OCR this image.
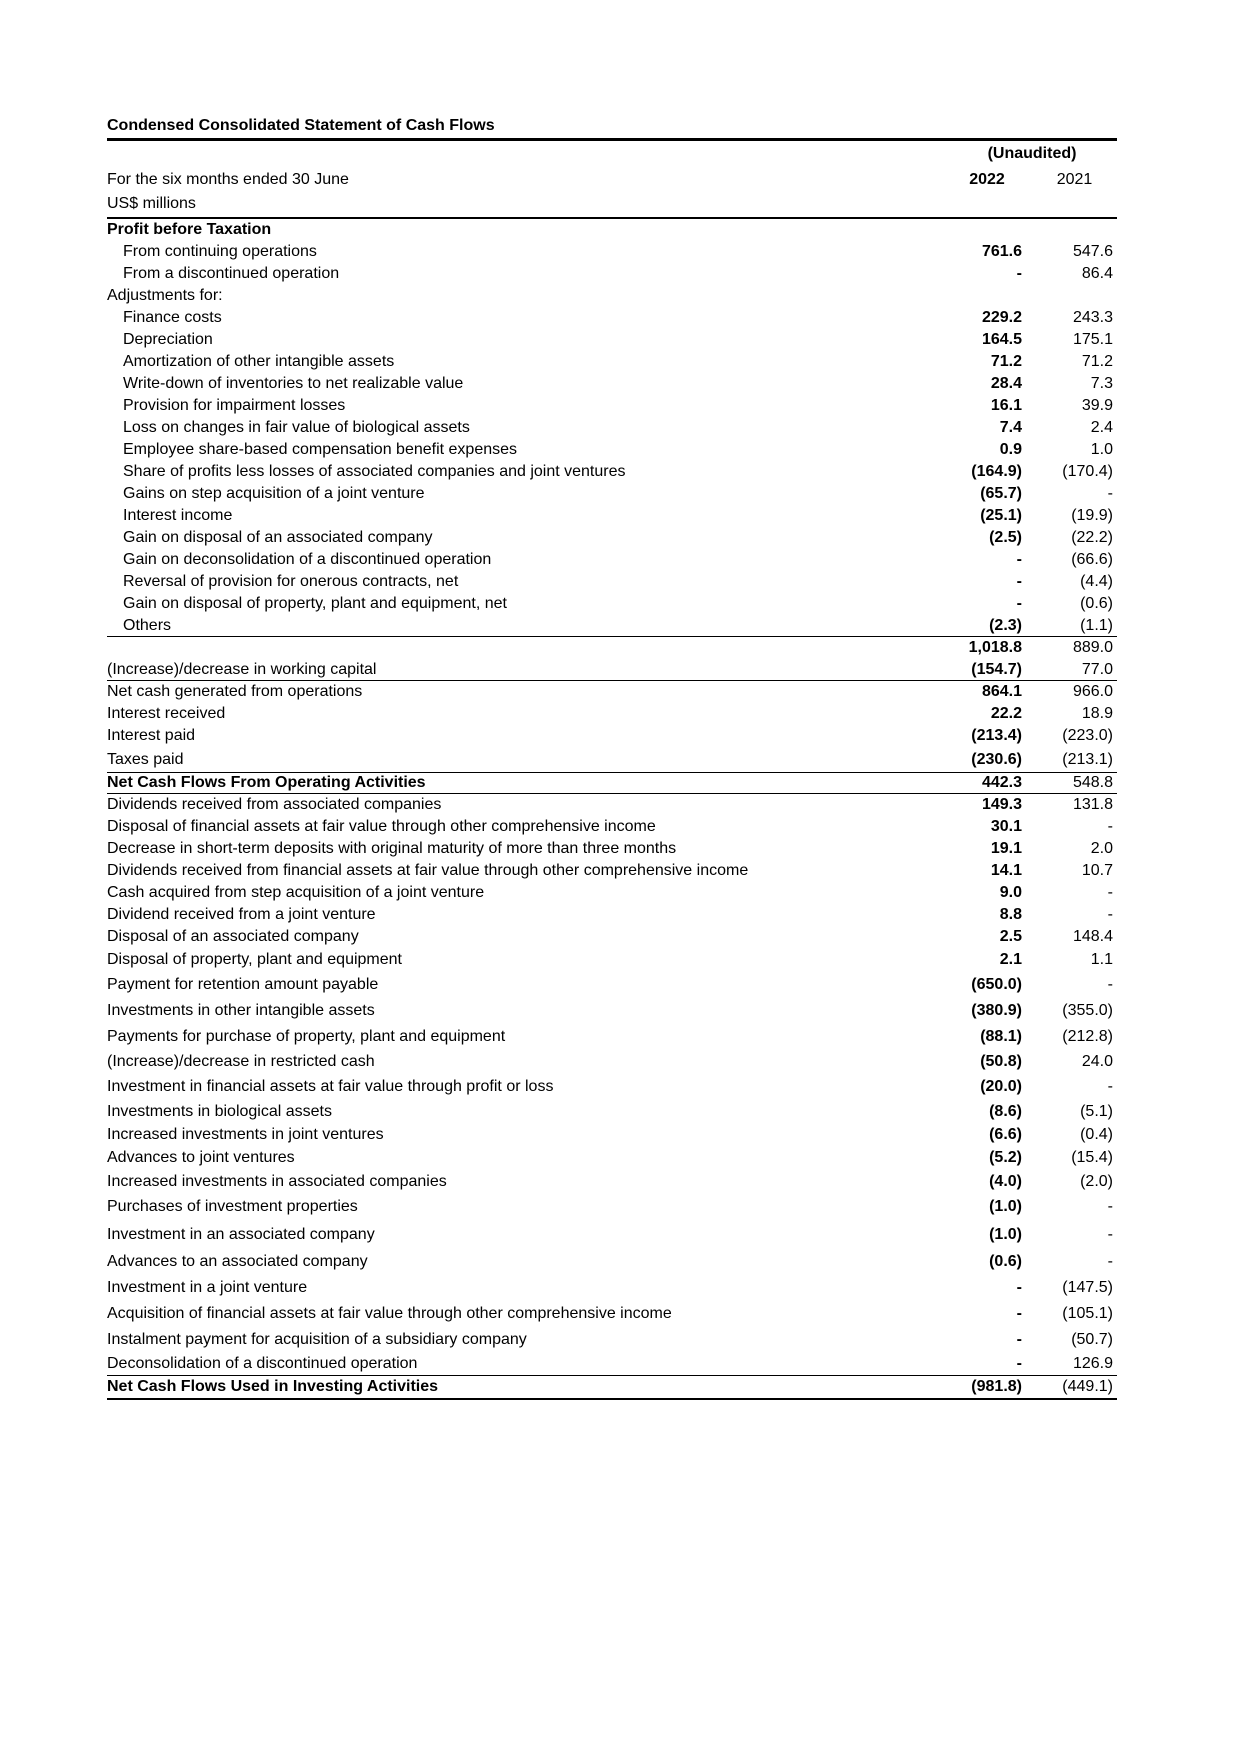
Condensed Consolidated Statement of Cash Flows
(Unaudited)
For the six months ended 30 June
US$ millions
2022	2021
Profit before Taxation
From continuing operations	761.6	547.6
From a discontinued operation	-	86.4
Adjustments for:
Finance costs	229.2	243.3
Depreciation	164.5	175.1
Amortization of other intangible assets	71.2	71.2
Write-down of inventories to net realizable value	28.4	7.3
Provision for impairment losses	16.1	39.9
Loss on changes in fair value of biological assets	7.4	2.4
Employee share-based compensation benefit expenses	0.9	1.0
Share of profits less losses of associated companies and joint ventures	(164.9)	(170.4)
Gains on step acquisition of a joint venture	(65.7)	-
Interest income	(25.1)	(19.9)
Gain on disposal of an associated company	(2.5)	(22.2)
Gain on deconsolidation of a discontinued operation	-	(66.6)
Reversal of provision for onerous contracts, net	-	(4.4)
Gain on disposal of property, plant and equipment, net	-	(0.6)
Others	(2.3)	(1.1)
1,018.8	889.0
(Increase)/decrease in working capital	(154.7)	77.0
Net cash generated from operations	864.1	966.0
Interest received	22.2	18.9
Interest paid	(213.4)	(223.0)
Taxes paid	(230.6)	(213.1)
Net Cash Flows From Operating Activities	442.3	548.8
Dividends received from associated companies	149.3	131.8
Disposal of financial assets at fair value through other comprehensive income	30.1	-
Decrease in short-term deposits with original maturity of more than three months	19.1	2.0
Dividends received from financial assets at fair value through other comprehensive income	14.1	10.7
Cash acquired from step acquisition of a joint venture	9.0	-
Dividend received from a joint venture	8.8	-
Disposal of an associated company	2.5	148.4
Disposal of property, plant and equipment	2.1	1.1
Payment for retention amount payable	(650.0)	-
Investments in other intangible assets	(380.9)	(355.0)
Payments for purchase of property, plant and equipment	(88.1)	(212.8)
(Increase)/decrease in restricted cash	(50.8)	24.0
Investment in financial assets at fair value through profit or loss	(20.0)	-
Investments in biological assets	(8.6)	(5.1)
Increased investments in joint ventures	(6.6)	(0.4)
Advances to joint ventures	(5.2)	(15.4)
Increased investments in associated companies	(4.0)	(2.0)
Purchases of investment properties	(1.0)	-
Investment in an associated company	(1.0)	-
Advances to an associated company	(0.6)	-
Investment in a joint venture	-	(147.5)
Acquisition of financial assets at fair value through other comprehensive income	-	(105.1)
Instalment payment for acquisition of a subsidiary company	-	(50.7)
Deconsolidation of a discontinued operation	-	126.9
Net Cash Flows Used in Investing Activities	(981.8)	(449.1)
